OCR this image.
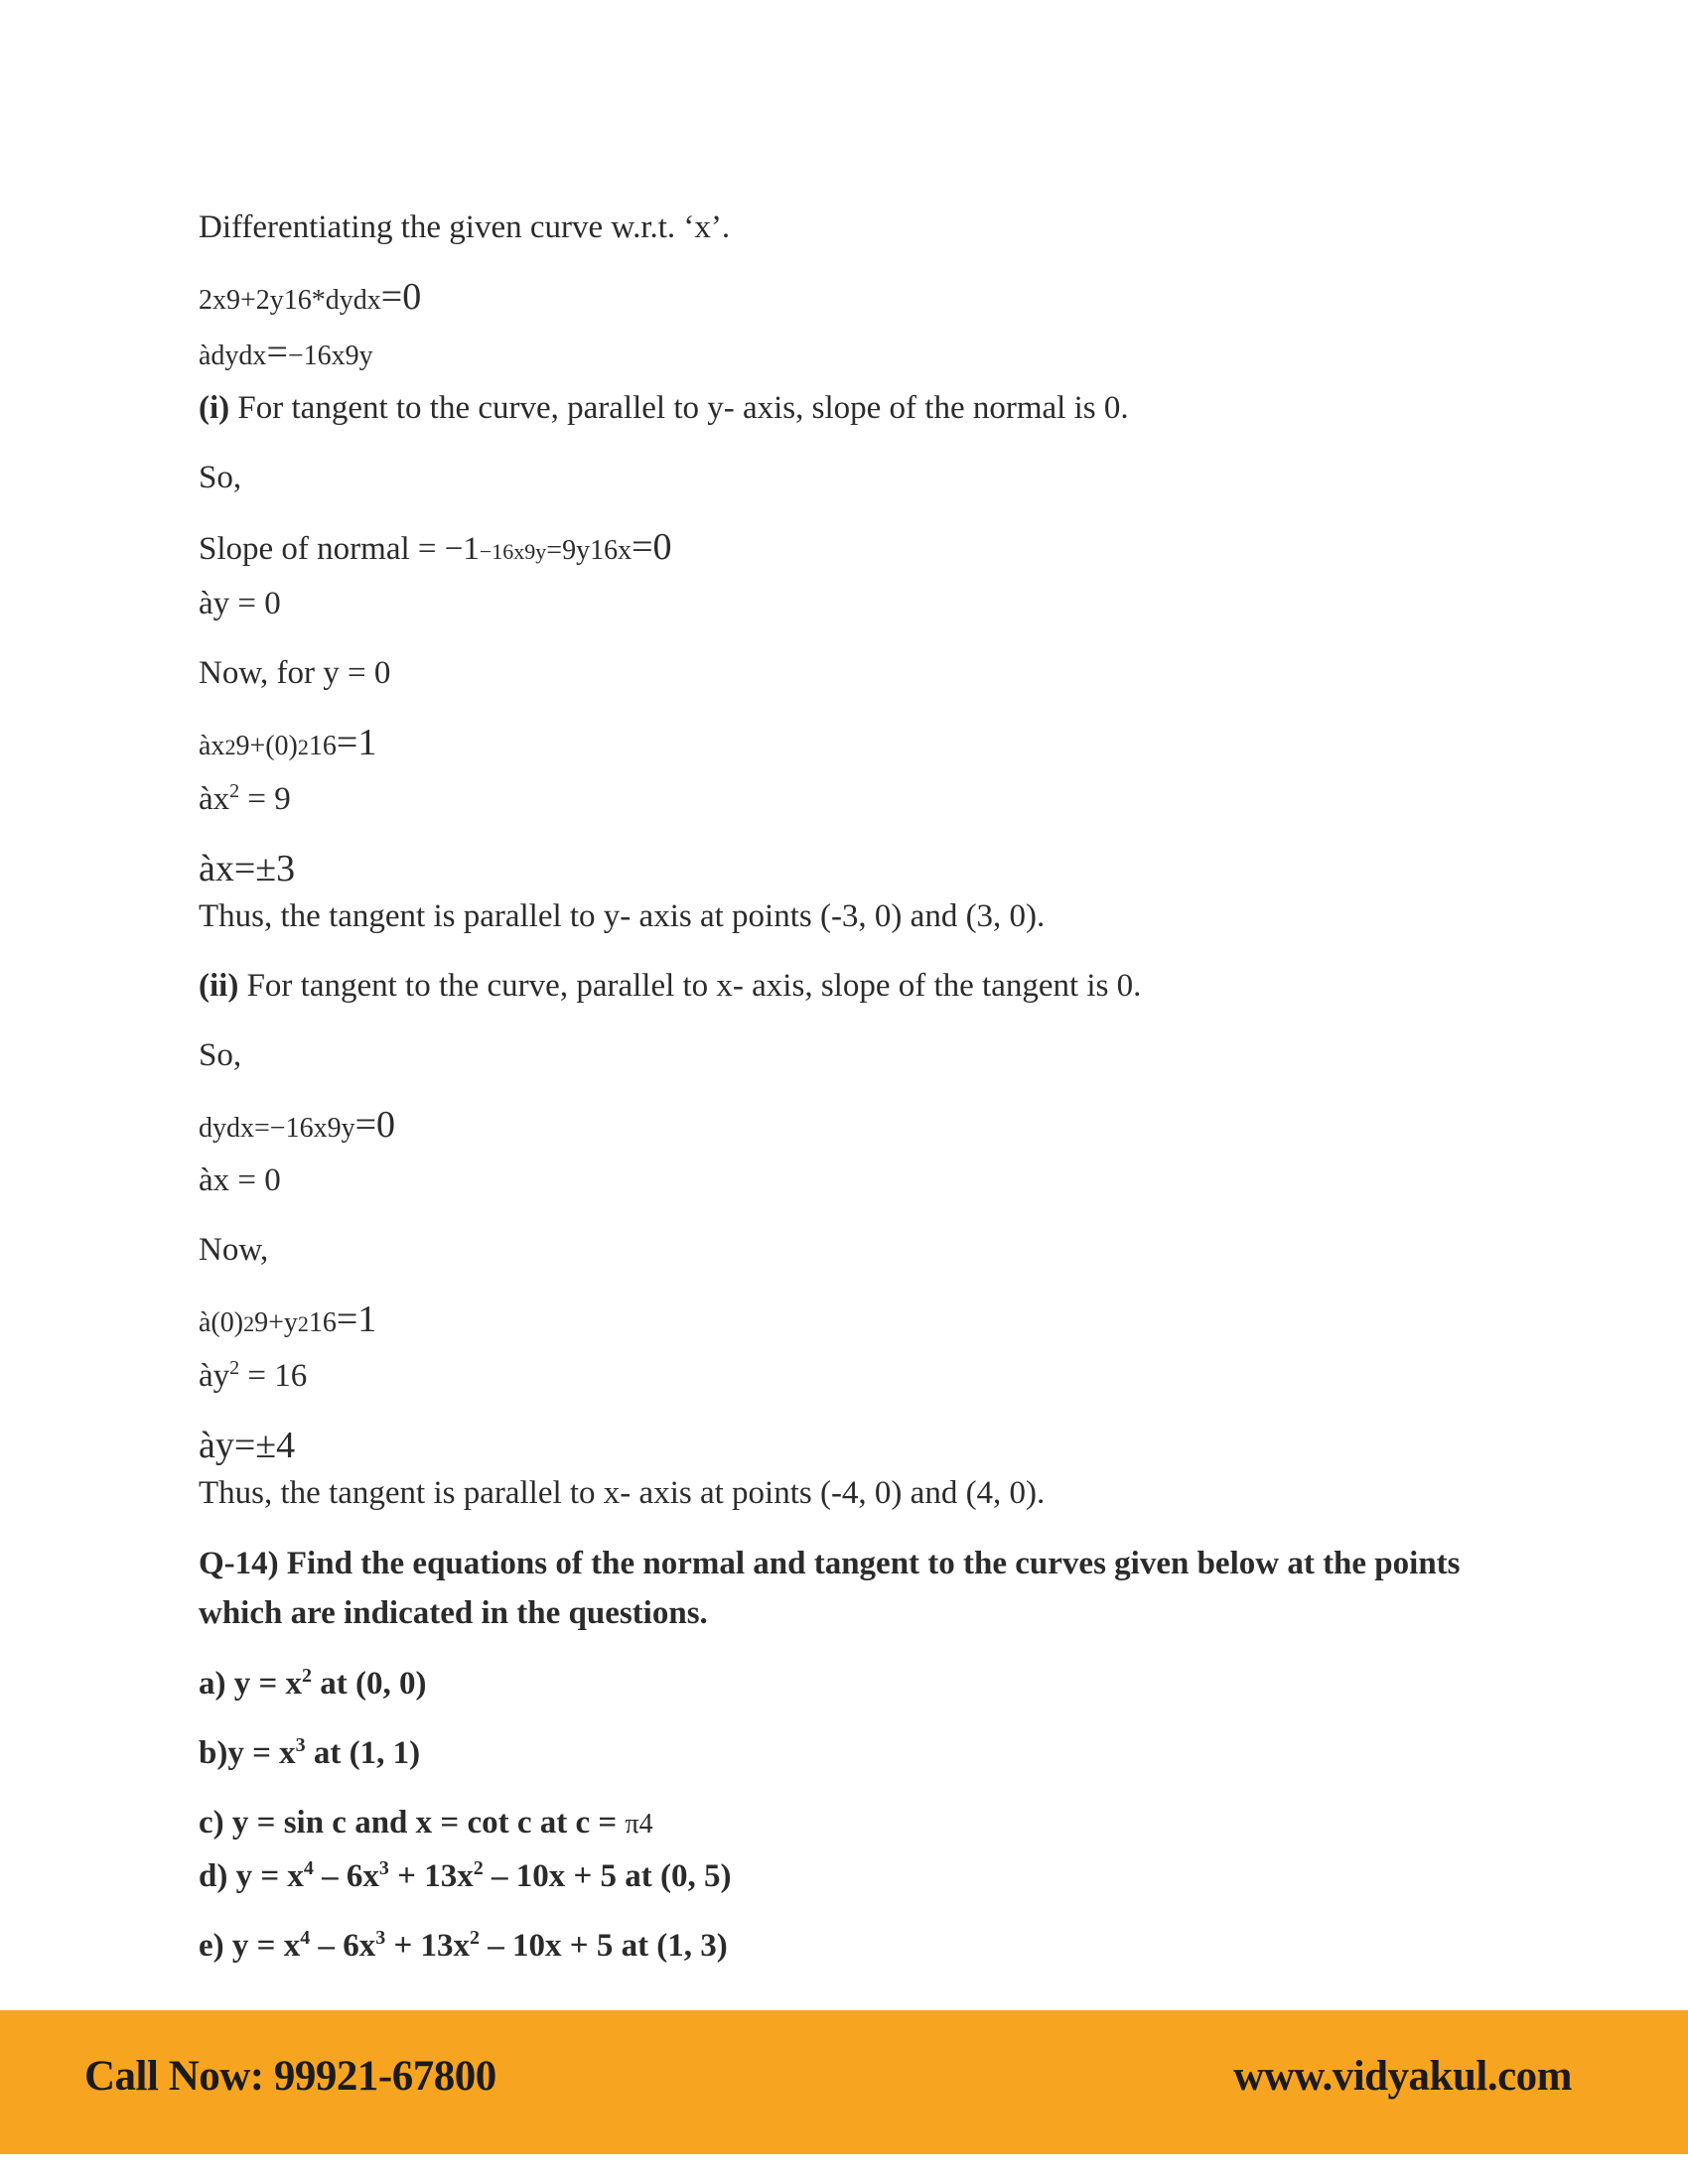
Differentiating the given curve w.r.t. ‘x’.
2x9+2y16*dydx=0
àdydx=−16x9y
(i) For tangent to the curve, parallel to y- axis, slope of the normal is 0.
So,
Slope of normal = −1−16x9y=9y16x=0
ày = 0
Now, for y = 0
àx29+(0)216=1
$àx^2 = 9$
àx=±3
Thus, the tangent is parallel to y- axis at points (-3, 0) and (3, 0).
(ii) For tangent to the curve, parallel to x- axis, slope of the tangent is 0.
So,
dydx=−16x9y=0
àx = 0
Now,
à(0)29+y216=1
$ày^2 = 16$
ày=±4
Thus, the tangent is parallel to x- axis at points (-4, 0) and (4, 0).
Q-14) Find the equations of the normal and tangent to the curves given below at the points which are indicated in the questions.
a) $y = x^2$ at (0, 0)
$b)y = x^3$ at (1, 1)
c) y = sin c and x = cot c at c = π4
d) $y = x^4 - 6x^3 + 13x^2 - 10x + 5$ at (0, 5)
e) $y = x^4 - 6x^3 + 13x^2 - 10x + 5$ at (1, 3)
Call Now: 99921-67800	www.vidyakul.com
